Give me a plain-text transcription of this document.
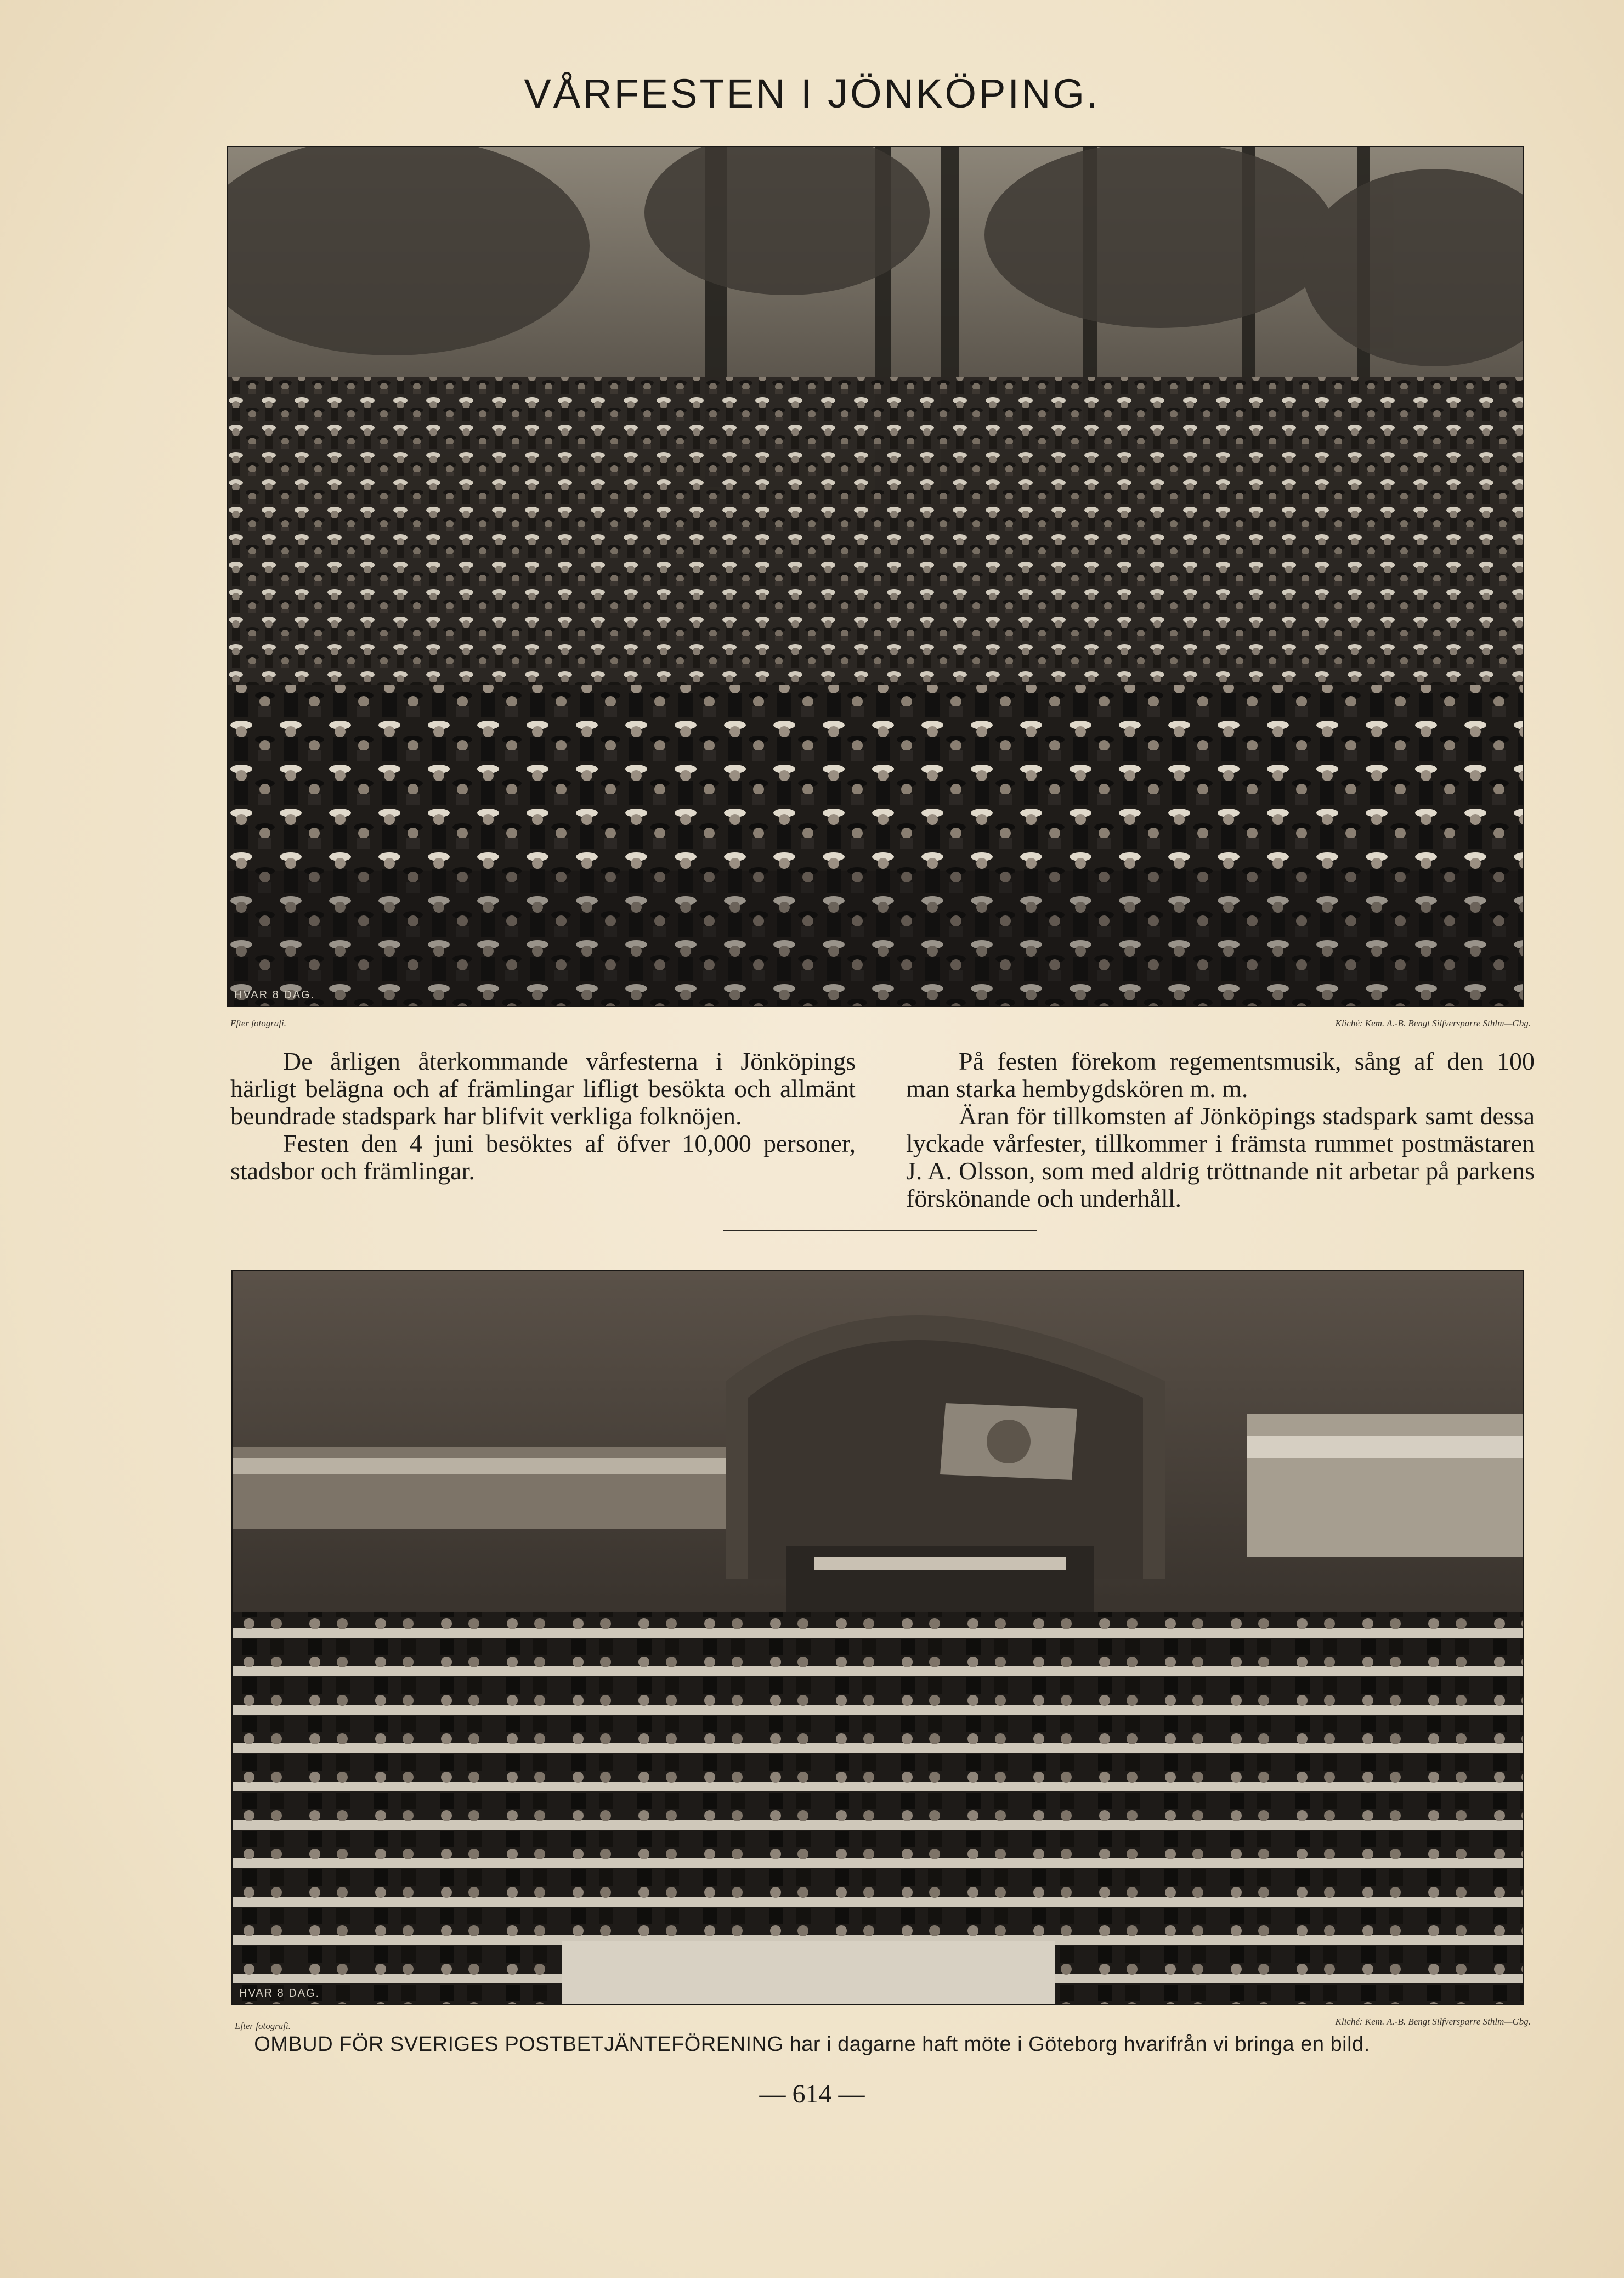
VÅRFESTEN I JÖNKÖPING.
HVAR 8 DAG.
Efter fotografi.	Kliché: Kem. A.-B. Bengt Silfversparre Sthlm—Gbg.

De årligen återkommande vårfesterna i Jönköpings härligt belägna och af främlingar lifligt besökta och allmänt beundrade stadspark har blifvit verkliga folknöjen.

Festen den 4 juni besöktes af öfver 10,000 personer, stadsbor och främlingar.

På festen förekom regementsmusik, sång af den 100 man starka hembygdskören m. m.

Äran för tillkomsten af Jönköpings stadspark samt dessa lyckade vårfester, tillkommer i främsta rummet postmästaren J. A. Olsson, som med aldrig tröttnande nit arbetar på parkens förskönande och underhåll.

HVAR 8 DAG.
Efter fotografi.	Kliché: Kem. A.-B. Bengt Silfversparre Sthlm—Gbg.
OMBUD FÖR SVERIGES POSTBETJÄNTEFÖRENING har i dagarne haft möte i Göteborg hvarifrån vi bringa en bild.
— 614 —
